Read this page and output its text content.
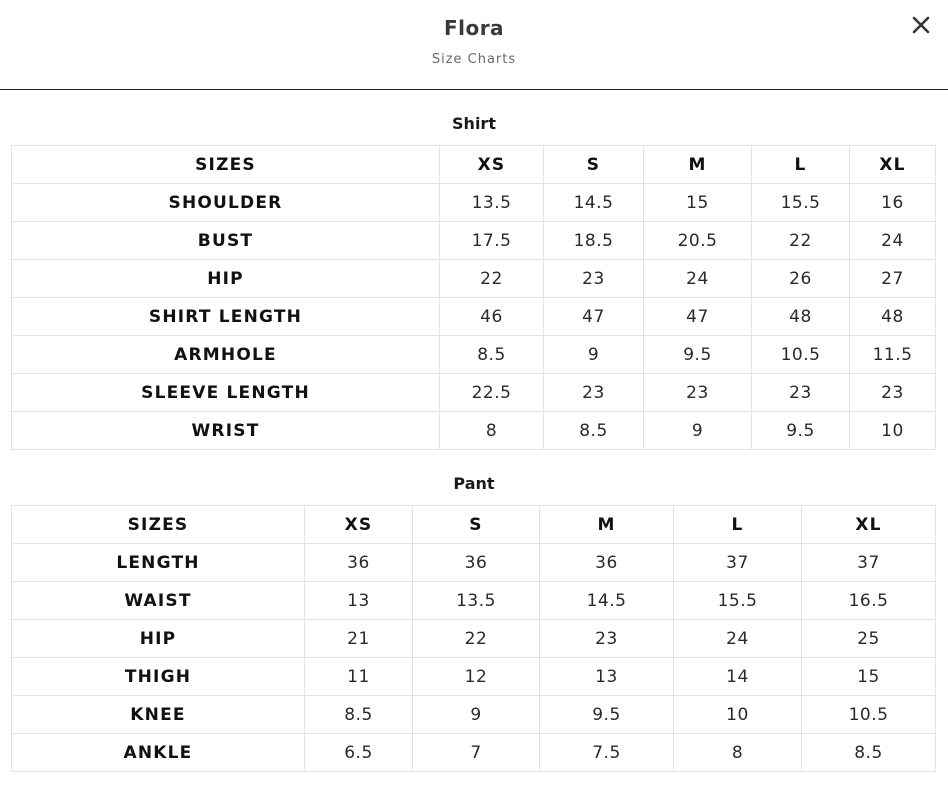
Flora
Size Charts
Shirt
SIZES	XS	S	M	L	XL
SHOULDER	13.5	14.5	15	15.5	16
BUST	17.5	18.5	20.5	22	24
HIP	22	23	24	26	27
SHIRT LENGTH	46	47	47	48	48
ARMHOLE	8.5	9	9.5	10.5	11.5
SLEEVE LENGTH	22.5	23	23	23	23
WRIST	8	8.5	9	9.5	10
Pant
SIZES	XS	S	M	L	XL
LENGTH	36	36	36	37	37
WAIST	13	13.5	14.5	15.5	16.5
HIP	21	22	23	24	25
THIGH	11	12	13	14	15
KNEE	8.5	9	9.5	10	10.5
ANKLE	6.5	7	7.5	8	8.5
